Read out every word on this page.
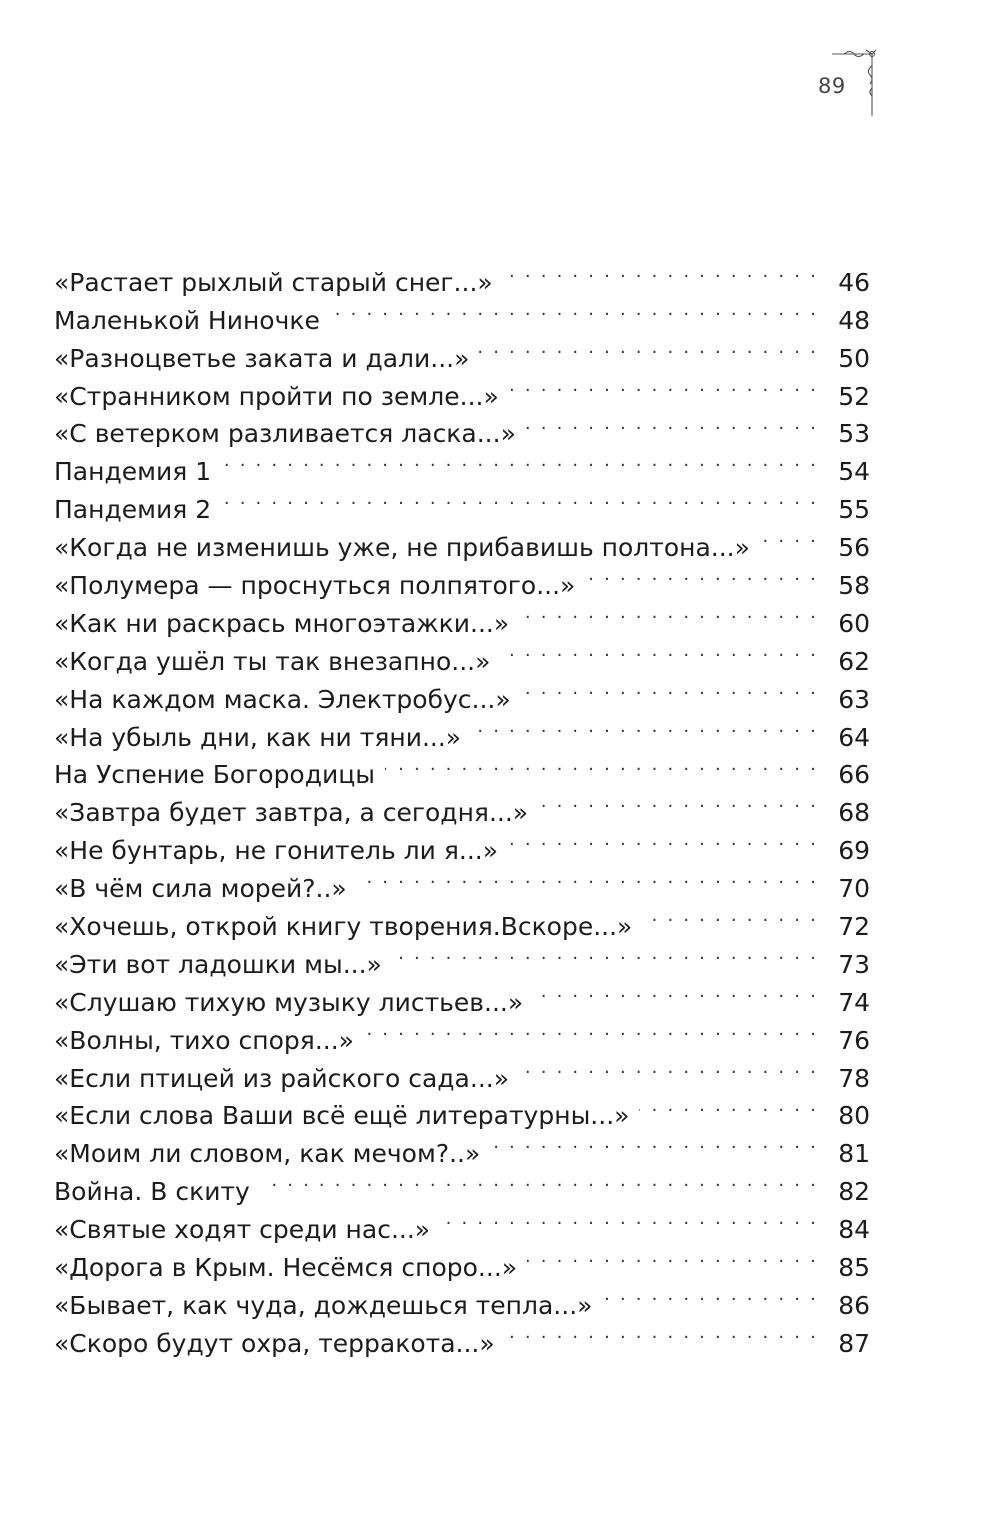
89
«Растает рыхлый старый снег...» . . .	46
Маленькой Ниночке . . .	48
«Разноцветье заката и дали...» . . .	50
«Странником пройти по земле...» . . .	52
«С ветерком разливается ласка...» . . .	53
Пандемия 1 . . .	54
Пандемия 2 . . .	55
«Когда не изменишь уже, не прибавишь полтона...» . . .	56
«Полумера — проснуться полпятого...» . . .	58
«Как ни раскрась многоэтажки...» . . .	60
«Когда ушёл ты так внезапно...» . . .	62
«На каждом маска. Электробус...» . . .	63
«На убыль дни, как ни тяни...» . . .	64
На Успение Богородицы . . .	66
«Завтра будет завтра, а сегодня...» . . .	68
«Не бунтарь, не гонитель ли я...» . . .	69
«В чём сила морей?..» . . .	70
«Хочешь, открой книгу творения.Вскоре...» . . .	72
«Эти вот ладошки мы...» . . .	73
«Слушаю тихую музыку листьев...» . . .	74
«Волны, тихо споря...» . . .	76
«Если птицей из райского сада...» . . .	78
«Если слова Ваши всё ещё литературны...» . . .	80
«Моим ли словом, как мечом?..» . . .	81
Война. В скиту . . .	82
«Святые ходят среди нас...» . . .	84
«Дорога в Крым. Несёмся споро...» . . .	85
«Бывает, как чуда, дождешься тепла...» . . .	86
«Скоро будут охра, терракота...» . . .	87
